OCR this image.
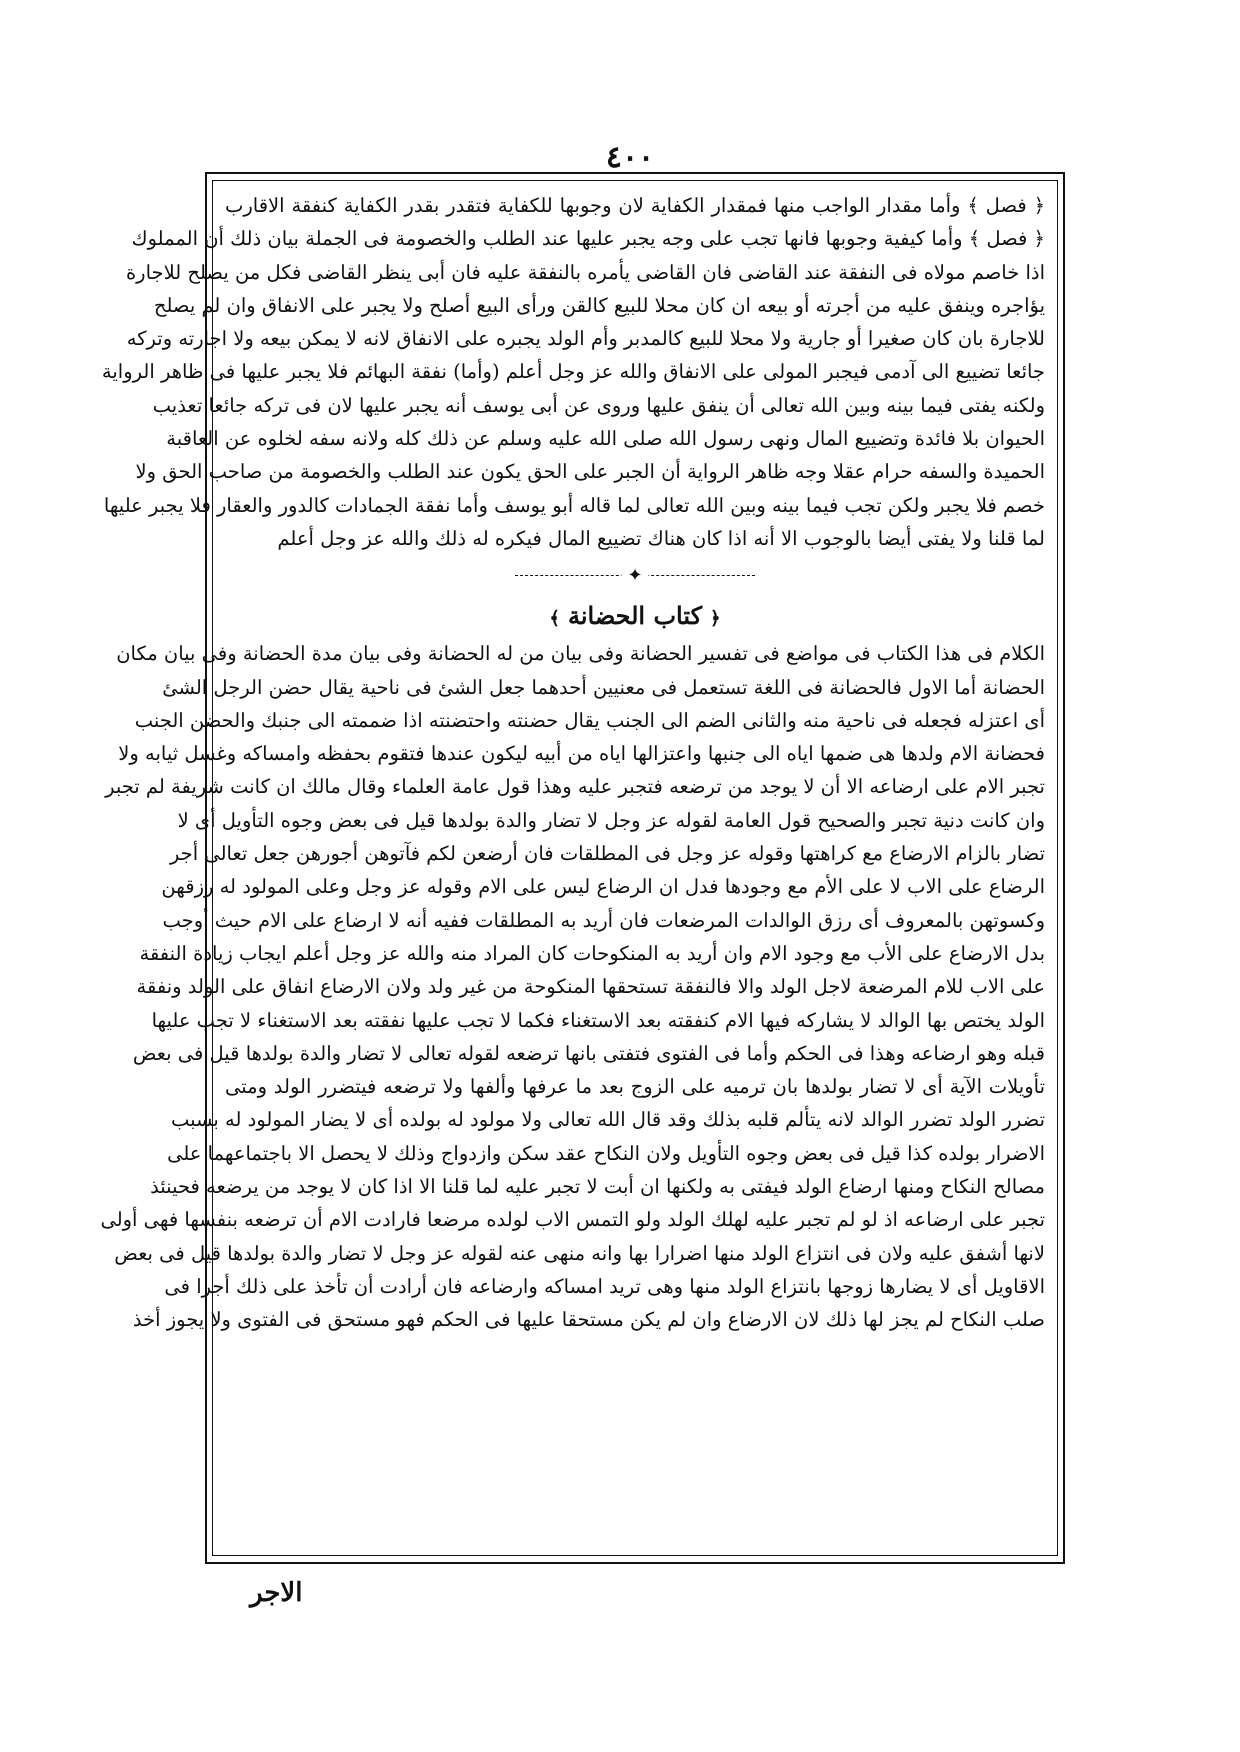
٤٠٠
﴿ فصل ﴾ وأما مقدار الواجب منها فمقدار الكفاية لان وجوبها للكفاية فتقدر بقدر الكفاية كنفقة الاقارب
﴿ فصل ﴾ وأما كيفية وجوبها فانها تجب على وجه يجبر عليها عند الطلب والخصومة فى الجملة بيان ذلك أن المملوك
اذا خاصم مولاه فى النفقة عند القاضى فان القاضى يأمره بالنفقة عليه فان أبى ينظر القاضى فكل من يصلح للاجارة
يؤاجره وينفق عليه من أجرته أو بيعه ان كان محلا للبيع كالقن ورأى البيع أصلح ولا يجبر على الانفاق وان لم يصلح
للاجارة بان كان صغيرا أو جارية ولا محلا للبيع كالمدبر وأم الولد يجبره على الانفاق لانه لا يمكن بيعه ولا اجارته وتركه
جائعا تضييع الى آدمى فيجبر المولى على الانفاق والله عز وجل أعلم (وأما) نفقة البهائم فلا يجبر عليها فى ظاهر الرواية
ولكنه يفتى فيما بينه وبين الله تعالى أن ينفق عليها وروى عن أبى يوسف أنه يجبر عليها لان فى تركه جائعا تعذيب
الحيوان بلا فائدة وتضييع المال ونهى رسول الله صلى الله عليه وسلم عن ذلك كله ولانه سفه لخلوه عن العاقبة
الحميدة والسفه حرام عقلا وجه ظاهر الرواية أن الجبر على الحق يكون عند الطلب والخصومة من صاحب الحق ولا
خصم فلا يجبر ولكن تجب فيما بينه وبين الله تعالى لما قاله أبو يوسف وأما نفقة الجمادات كالدور والعقار فلا يجبر عليها
لما قلنا ولا يفتى أيضا بالوجوب الا أنه اذا كان هناك تضييع المال فيكره له ذلك والله عز وجل أعلم
✦
﴿كتاب الحضانة﴾
الكلام فى هذا الكتاب فى مواضع فى تفسير الحضانة وفى بيان من له الحضانة وفى بيان مدة الحضانة وفى بيان مكان
الحضانة أما الاول فالحضانة فى اللغة تستعمل فى معنيين أحدهما جعل الشئ فى ناحية يقال حضن الرجل الشئ
أى اعتزله فجعله فى ناحية منه والثانى الضم الى الجنب يقال حضنته واحتضنته اذا ضممته الى جنبك والحضن الجنب
فحضانة الام ولدها هى ضمها اياه الى جنبها واعتزالها اياه من أبيه ليكون عندها فتقوم بحفظه وامساكه وغسل ثيابه ولا
تجبر الام على ارضاعه الا أن لا يوجد من ترضعه فتجبر عليه وهذا قول عامة العلماء وقال مالك ان كانت شريفة لم تجبر
وان كانت دنية تجبر والصحيح قول العامة لقوله عز وجل لا تضار والدة بولدها قيل فى بعض وجوه التأويل أى لا
تضار بالزام الارضاع مع كراهتها وقوله عز وجل فى المطلقات فان أرضعن لكم فآتوهن أجورهن جعل تعالى أجر
الرضاع على الاب لا على الأم مع وجودها فدل ان الرضاع ليس على الام وقوله عز وجل وعلى المولود له رزقهن
وكسوتهن بالمعروف أى رزق الوالدات المرضعات فان أريد به المطلقات ففيه أنه لا ارضاع على الام حيث أوجب
بدل الارضاع على الأب مع وجود الام وان أريد به المنكوحات كان المراد منه والله عز وجل أعلم ايجاب زيادة النفقة
على الاب للام المرضعة لاجل الولد والا فالنفقة تستحقها المنكوحة من غير ولد ولان الارضاع انفاق على الولد ونفقة
الولد يختص بها الوالد لا يشاركه فيها الام كنفقته بعد الاستغناء فكما لا تجب عليها نفقته بعد الاستغناء لا تجب عليها
قبله وهو ارضاعه وهذا فى الحكم وأما فى الفتوى فتفتى بانها ترضعه لقوله تعالى لا تضار والدة بولدها قيل فى بعض
تأويلات الآية أى لا تضار بولدها بان ترميه على الزوج بعد ما عرفها وألفها ولا ترضعه فيتضرر الولد ومتى
تضرر الولد تضرر الوالد لانه يتألم قلبه بذلك وقد قال الله تعالى ولا مولود له بولده أى لا يضار المولود له بسبب
الاضرار بولده كذا قيل فى بعض وجوه التأويل ولان النكاح عقد سكن وازدواج وذلك لا يحصل الا باجتماعهما على
مصالح النكاح ومنها ارضاع الولد فيفتى به ولكنها ان أبت لا تجبر عليه لما قلنا الا اذا كان لا يوجد من يرضعه فحينئذ
تجبر على ارضاعه اذ لو لم تجبر عليه لهلك الولد ولو التمس الاب لولده مرضعا فارادت الام أن ترضعه بنفسها فهى أولى
لانها أشفق عليه ولان فى انتزاع الولد منها اضرارا بها وانه منهى عنه لقوله عز وجل لا تضار والدة بولدها قيل فى بعض
الاقاويل أى لا يضارها زوجها بانتزاع الولد منها وهى تريد امساكه وارضاعه فان أرادت أن تأخذ على ذلك أجرا فى
صلب النكاح لم يجز لها ذلك لان الارضاع وان لم يكن مستحقا عليها فى الحكم فهو مستحق فى الفتوى ولا يجوز أخذ
الاجر
